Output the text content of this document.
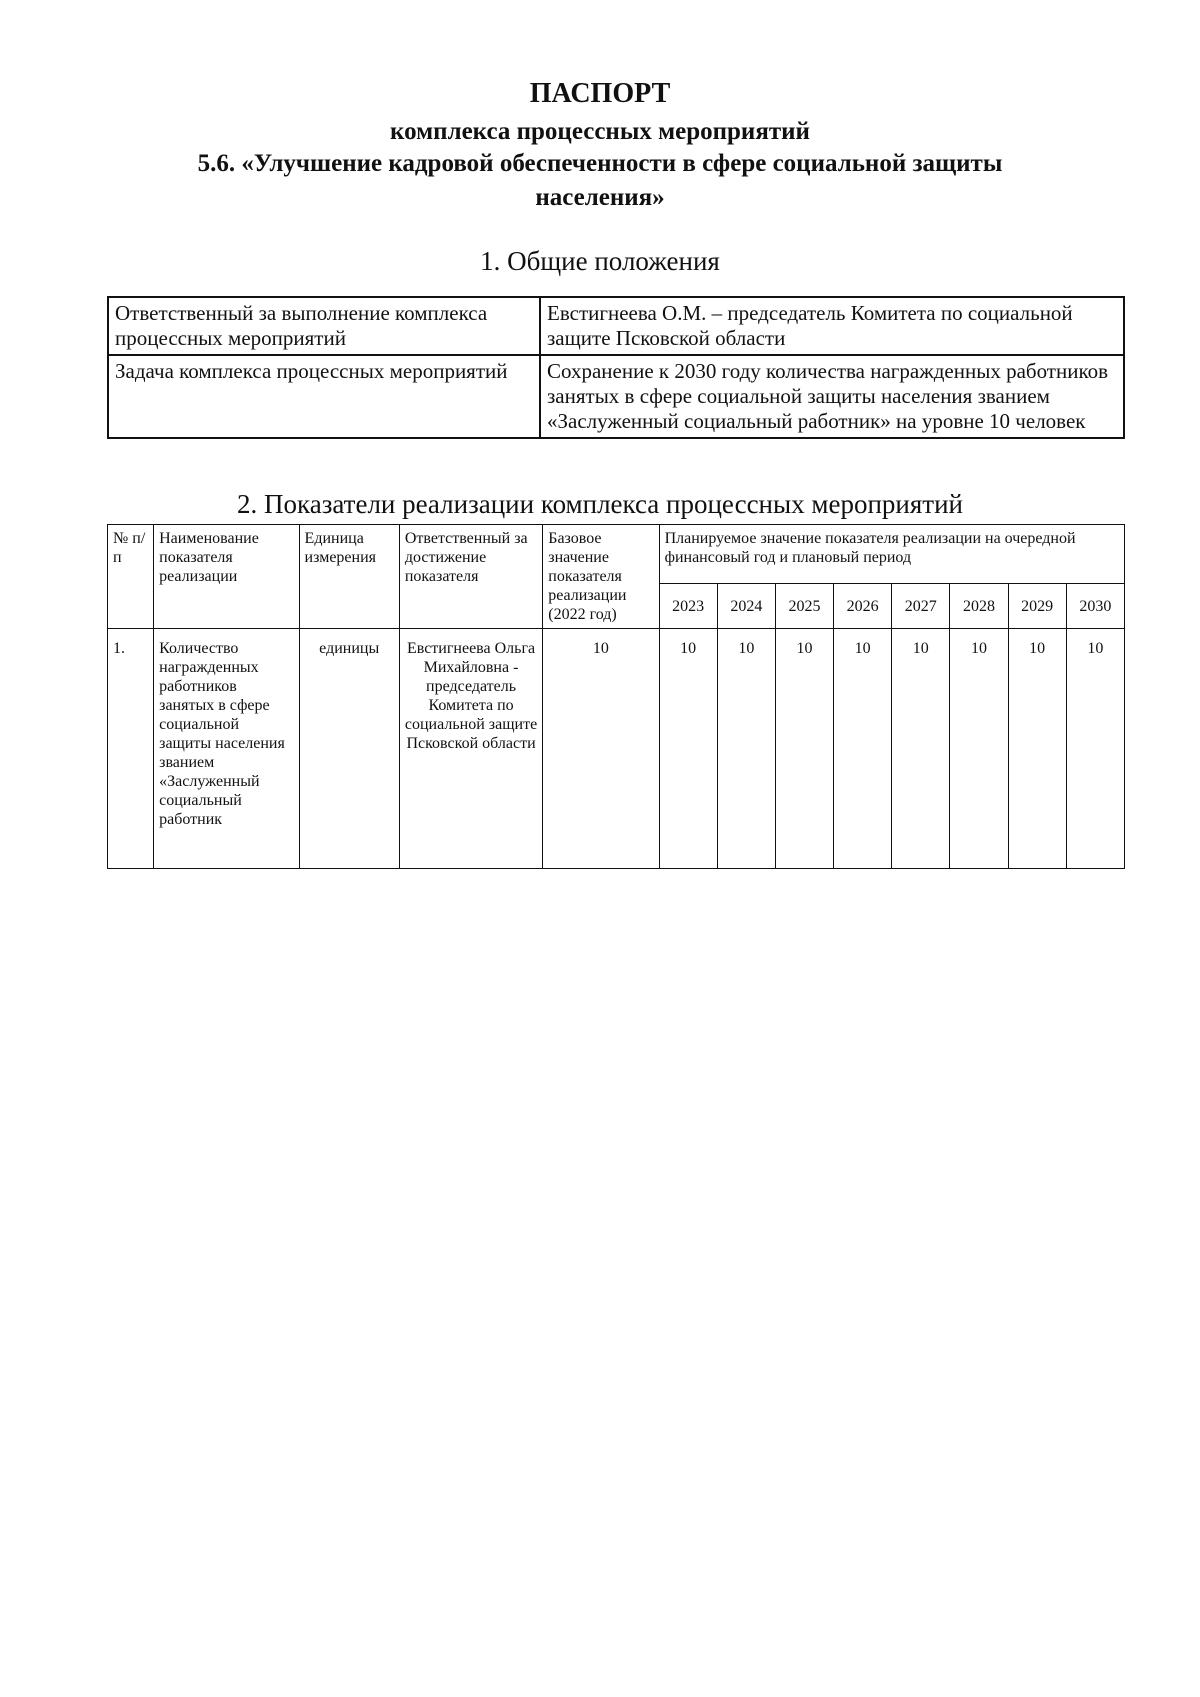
ПАСПОРТ
комплекса процессных мероприятий
5.6. «Улучшение кадровой обеспеченности в сфере социальной защиты
населения»
1. Общие положения
Ответственный за выполнение комплекса процессных мероприятий	Евстигнеева О.М. – председатель Комитета по социальной защите Псковской области
Задача комплекса процессных мероприятий	Сохранение к 2030 году количества награжденных работников занятых в сфере социальной защиты населения званием «Заслуженный социальный работник» на уровне 10 человек
2. Показатели реализации комплекса процессных мероприятий
№ п/п	Наименование показателя реализации	Единица измерения	Ответственный за достижение показателя	Базовое значение показателя реализации (2022 год)	Планируемое значение показателя реализации на очередной финансовый год и плановый период							
					2023	2024	2025	2026	2027	2028	2029	2030
1.	Количество награжденных работников занятых в сфере социальной защиты населения званием «Заслуженный социальный работник	единицы	Евстигнеева Ольга Михайловна - председатель Комитета по социальной защите Псковской области	10	10	10	10	10	10	10	10	10
